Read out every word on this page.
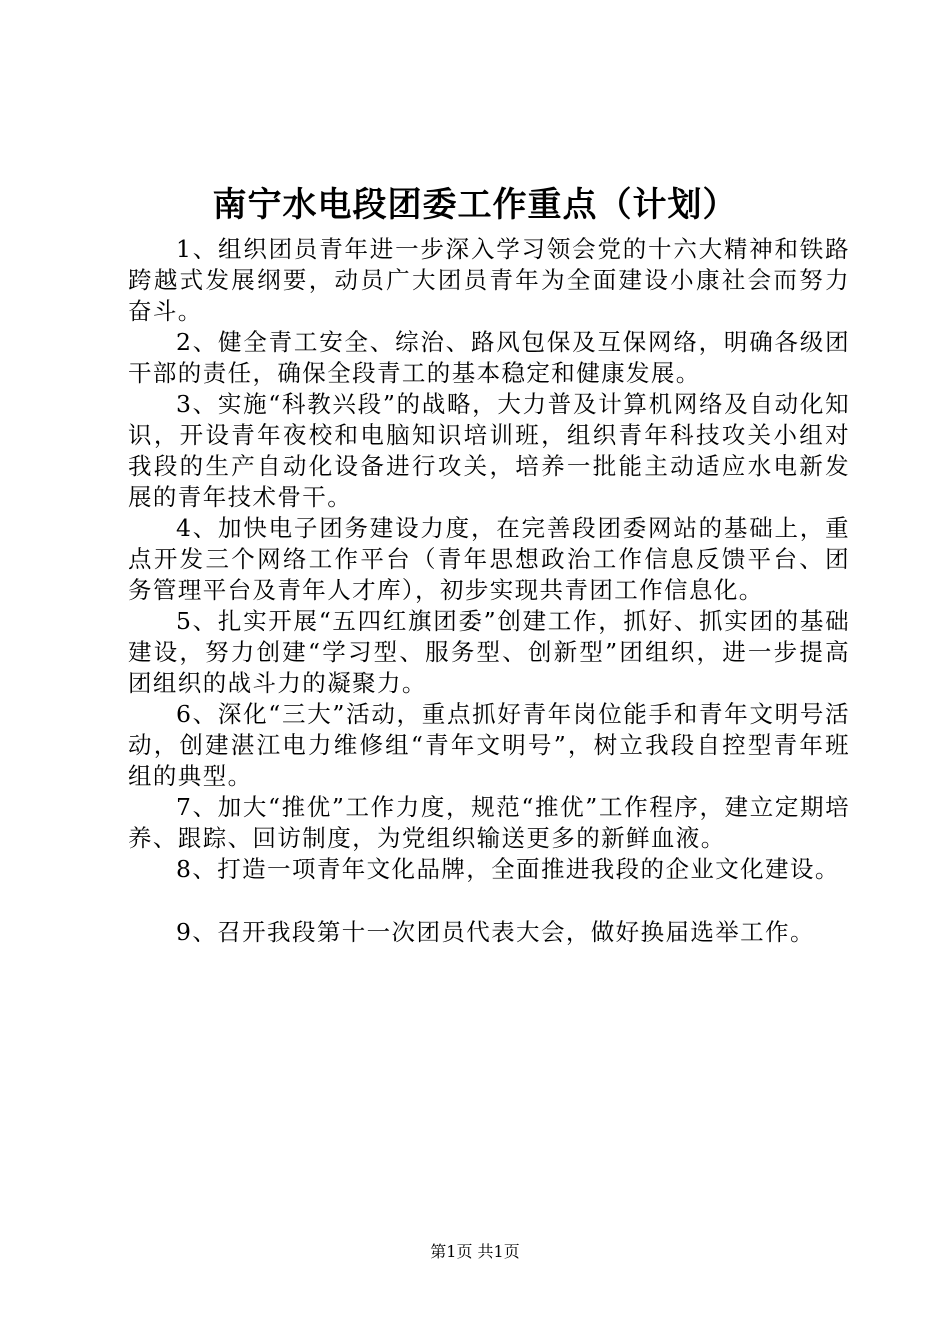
南宁水电段团委工作重点（计划）

1、组织团员青年进一步深入学习领会党的十六大精神和铁路跨越式发展纲要，动员广大团员青年为全面建设小康社会而努力奋斗。

2、健全青工安全、综治、路风包保及互保网络，明确各级团干部的责任，确保全段青工的基本稳定和健康发展。

3、实施“科教兴段”的战略，大力普及计算机网络及自动化知识，开设青年夜校和电脑知识培训班，组织青年科技攻关小组对我段的生产自动化设备进行攻关，培养一批能主动适应水电新发展的青年技术骨干。

4、加快电子团务建设力度，在完善段团委网站的基础上，重点开发三个网络工作平台（青年思想政治工作信息反馈平台、团务管理平台及青年人才库），初步实现共青团工作信息化。

5、扎实开展“五四红旗团委”创建工作，抓好、抓实团的基础建设，努力创建“学习型、服务型、创新型”团组织，进一步提高团组织的战斗力的凝聚力。

6、深化“三大”活动，重点抓好青年岗位能手和青年文明号活动，创建湛江电力维修组“青年文明号”，树立我段自控型青年班组的典型。

7、加大“推优”工作力度，规范“推优”工作程序，建立定期培养、跟踪、回访制度，为党组织输送更多的新鲜血液。

8、打造一项青年文化品牌，全面推进我段的企业文化建设。

9、召开我段第十一次团员代表大会，做好换届选举工作。

第1页 共1页
